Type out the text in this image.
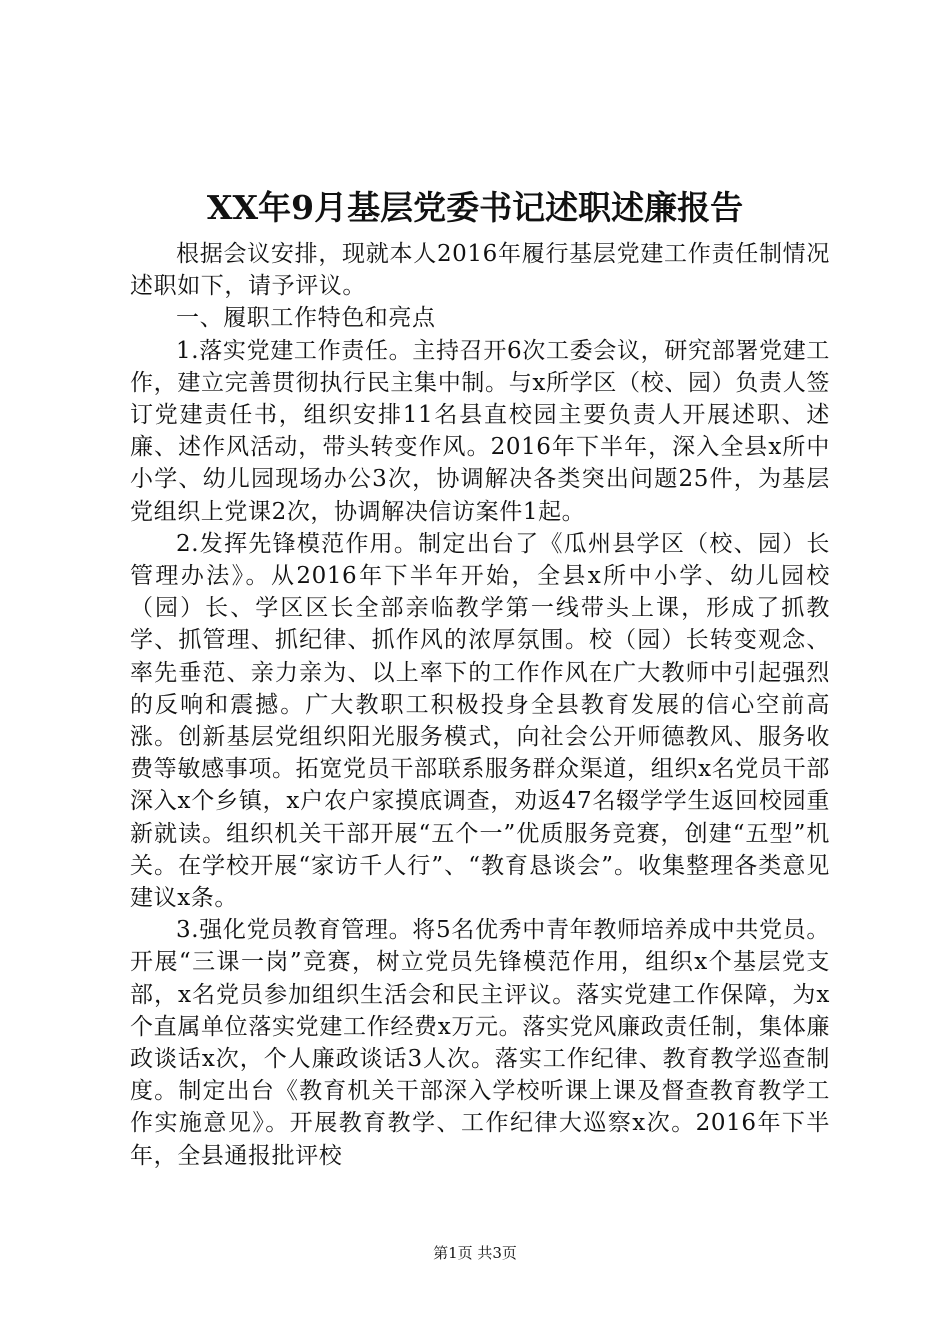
XX年9月基层党委书记述职述廉报告

根据会议安排，现就本人2016年履行基层党建工作责任制情况述职如下，请予评议。

一、履职工作特色和亮点

1.落实党建工作责任。主持召开6次工委会议，研究部署党建工作，建立完善贯彻执行民主集中制。与x所学区（校、园）负责人签订党建责任书，组织安排11名县直校园主要负责人开展述职、述廉、述作风活动，带头转变作风。2016年下半年，深入全县x所中小学、幼儿园现场办公3次，协调解决各类突出问题25件，为基层党组织上党课2次，协调解决信访案件1起。

2.发挥先锋模范作用。制定出台了《瓜州县学区（校、园）长管理办法》。从2016年下半年开始，全县x所中小学、幼儿园校（园）长、学区区长全部亲临教学第一线带头上课，形成了抓教学、抓管理、抓纪律、抓作风的浓厚氛围。校（园）长转变观念、率先垂范、亲力亲为、以上率下的工作作风在广大教师中引起强烈的反响和震撼。广大教职工积极投身全县教育发展的信心空前高涨。创新基层党组织阳光服务模式，向社会公开师德教风、服务收费等敏感事项。拓宽党员干部联系服务群众渠道，组织x名党员干部深入x个乡镇，x户农户家摸底调查，劝返47名辍学学生返回校园重新就读。组织机关干部开展“五个一”优质服务竞赛，创建“五型”机关。在学校开展“家访千人行”、“教育恳谈会”。收集整理各类意见建议x条。

3.强化党员教育管理。将5名优秀中青年教师培养成中共党员。开展“三课一岗”竞赛，树立党员先锋模范作用，组织x个基层党支部，x名党员参加组织生活会和民主评议。落实党建工作保障，为x个直属单位落实党建工作经费x万元。落实党风廉政责任制，集体廉政谈话x次，个人廉政谈话3人次。落实工作纪律、教育教学巡查制度。制定出台《教育机关干部深入学校听课上课及督查教育教学工作实施意见》。开展教育教学、工作纪律大巡察x次。2016年下半年，全县通报批评校

第1页 共3页
